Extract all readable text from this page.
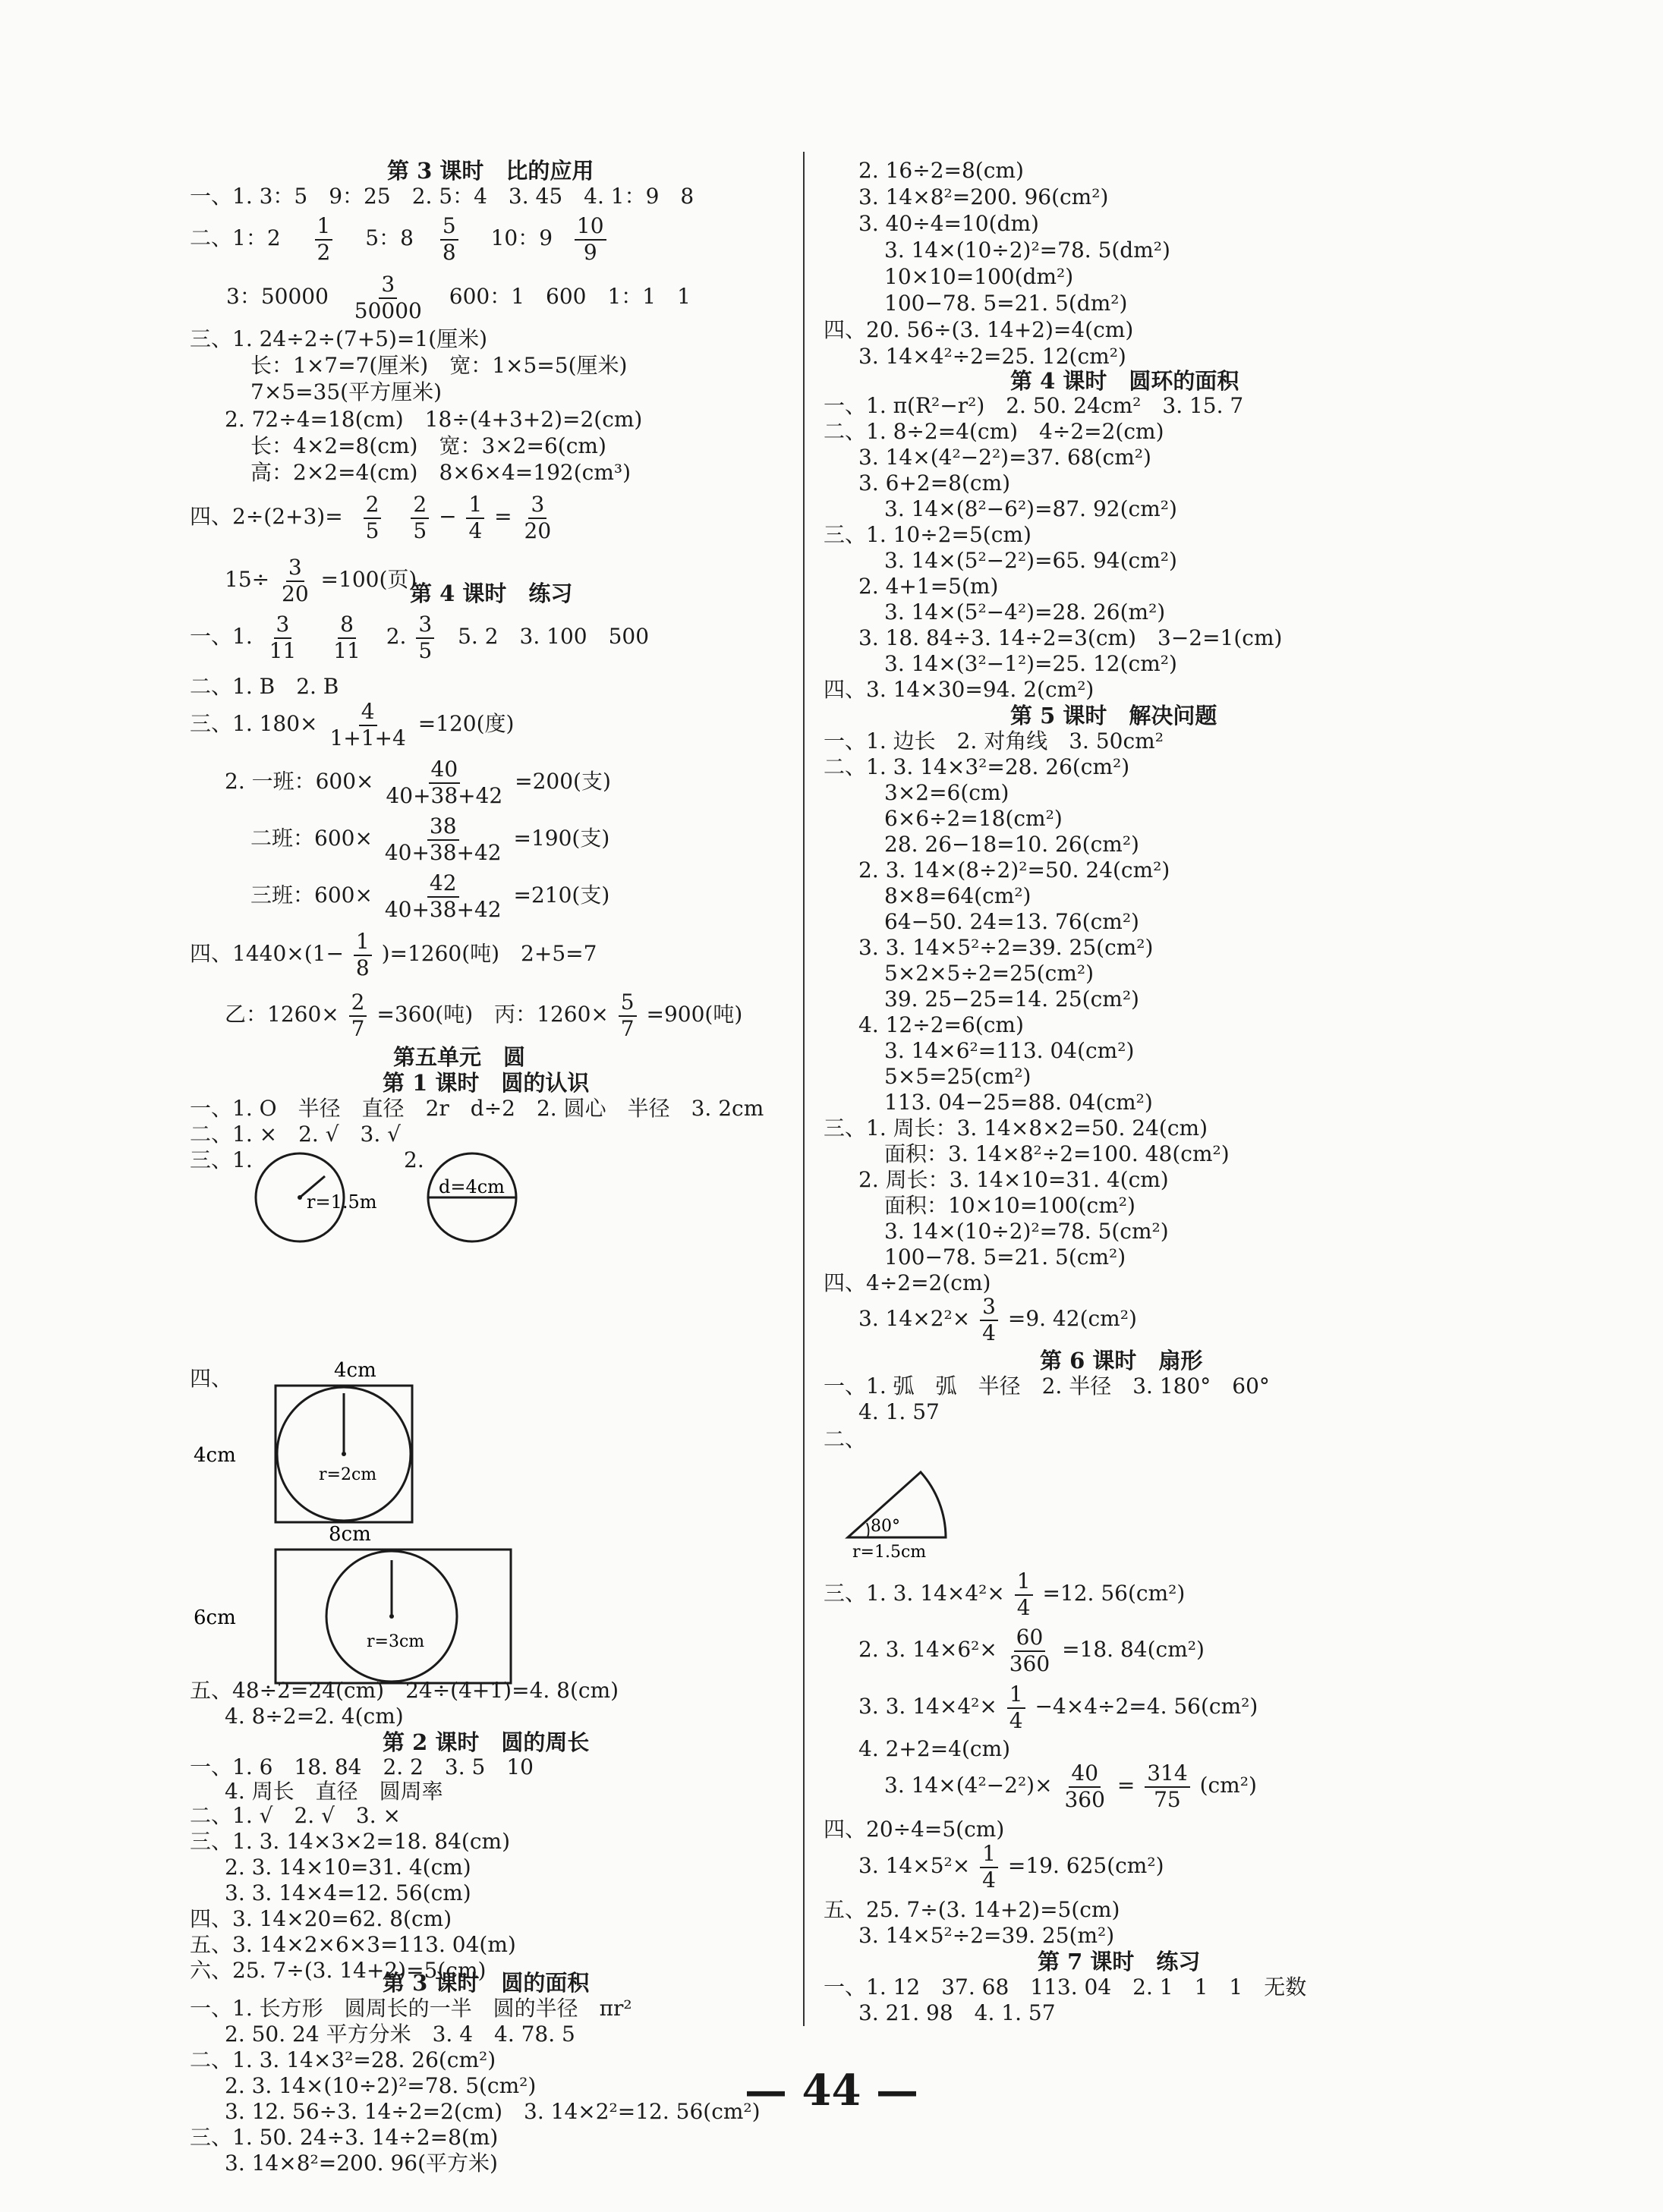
第 3 课时　比的应用
一、1. 3：5　9：25　2. 5：4　3. 45　4. 1：9　8
二、1：$2 \frac{1}{2} 5$：$8 \frac{5}{8} 10$：$9 \frac{10}{9}$
3：$50000 \frac{3}{50000} 600$：1　600　1：1　1
三、1. 24÷2÷(7+5)=1(厘米)
长：1×7=7(厘米)　宽：1×5=5(厘米)
7×5=35(平方厘米)
2. 72÷4=18(cm)　18÷(4+3+2)=2(cm)
长：4×2=8(cm)　宽：3×2=6(cm)
高：2×2=4(cm)　8×6×4=192(cm³)
四、$2\div(2+3)= \frac{2}{5}$
$\frac{2}{5} - \frac{1}{4} = \frac{3}{20}$
$15\div \frac{3}{20} =100$(页)
第 4 课时　练习
一、1. $\frac{3}{11}$
$\frac{8}{11} 2$. $\frac{3}{5} 5$. 2　3. 100　500
二、1. B　2. B
三、1. $180\times \frac{4}{1+1+4} =120$(度)
2. 一班：$600\times \frac{40}{40+38+42} =200$(支)
二班：$600\times \frac{38}{40+38+42} =190$(支)
三班：$600\times \frac{42}{40+38+42} =210$(支)
四、$1440\times(1- \frac{1}{8} )=1260$(吨)　2+5=7
乙：$1260\times \frac{2}{7} =360$(吨)　丙：$1260\times \frac{5}{7} =900$(吨)
第五单元　圆
第 1 课时　圆的认识
一、1. O　半径　直径　2r　d÷2　2. 圆心　半径　3. 2cm
二、1. ×　2. √　3. √
三、1.	2.
r=1.5m
d=4cm
四、	4cm
4cm
r=2cm
8cm
6cm
r=3cm
五、48÷2=24(cm)　24÷(4+1)=4. 8(cm)
4. 8÷2=2. 4(cm)
第 2 课时　圆的周长
一、1. 6　18. 84　2. 2　3. 5　10
4. 周长　直径　圆周率
二、1. √　2. √　3. ×
三、1. 3. 14×3×2=18. 84(cm)
2. 3. 14×10=31. 4(cm)
3. 3. 14×4=12. 56(cm)
四、3. 14×20=62. 8(cm)
五、3. 14×2×6×3=113. 04(m)
六、25. 7÷(3. 14+2)=5(cm)
第 3 课时　圆的面积
一、1. 长方形　圆周长的一半　圆的半径　πr²
2. 50. 24 平方分米　3. 4　4. 78. 5
二、1. 3. 14×3²=28. 26(cm²)
2. 3. 14×(10÷2)²=78. 5(cm²)
3. 12. 56÷3. 14÷2=2(cm)　3. 14×2²=12. 56(cm²)
三、1. 50. 24÷3. 14÷2=8(m)
3. 14×8²=200. 96(平方米)
2. 16÷2=8(cm)
3. 14×8²=200. 96(cm²)
3. 40÷4=10(dm)
3. 14×(10÷2)²=78. 5(dm²)
10×10=100(dm²)
100−78. 5=21. 5(dm²)
四、20. 56÷(3. 14+2)=4(cm)
3. 14×4²÷2=25. 12(cm²)
第 4 课时　圆环的面积
一、1. π(R²−r²)　2. 50. 24cm²　3. 15. 7
二、1. 8÷2=4(cm)　4÷2=2(cm)
3. 14×(4²−2²)=37. 68(cm²)
3. 6+2=8(cm)
3. 14×(8²−6²)=87. 92(cm²)
三、1. 10÷2=5(cm)
3. 14×(5²−2²)=65. 94(cm²)
2. 4+1=5(m)
3. 14×(5²−4²)=28. 26(m²)
3. 18. 84÷3. 14÷2=3(cm)　3−2=1(cm)
3. 14×(3²−1²)=25. 12(cm²)
四、3. 14×30=94. 2(cm²)
第 5 课时　解决问题
一、1. 边长　2. 对角线　3. 50cm²
二、1. 3. 14×3²=28. 26(cm²)
3×2=6(cm)
6×6÷2=18(cm²)
28. 26−18=10. 26(cm²)
2. 3. 14×(8÷2)²=50. 24(cm²)
8×8=64(cm²)
64−50. 24=13. 76(cm²)
3. 3. 14×5²÷2=39. 25(cm²)
5×2×5÷2=25(cm²)
39. 25−25=14. 25(cm²)
4. 12÷2=6(cm)
3. 14×6²=113. 04(cm²)
5×5=25(cm²)
113. 04−25=88. 04(cm²)
三、1. 周长：3. 14×8×2=50. 24(cm)
面积：3. 14×8²÷2=100. 48(cm²)
2. 周长：3. 14×10=31. 4(cm)
面积：10×10=100(cm²)
3. 14×(10÷2)²=78. 5(cm²)
100−78. 5=21. 5(cm²)
四、4÷2=2(cm)
3. $14\times 2^2\times \frac{3}{4} =9$. 42(cm²)
第 6 课时　扇形
一、1. 弧　弧　半径　2. 半径　3. 180°　60°
4. 1. 57
二、
80°
r=1.5cm
三、1. 3. $14\times 4^2\times \frac{1}{4} =12$. 56(cm²)
2. 3. $14\times 6^2\times \frac{60}{360} =18$. 84(cm²)
3. 3. $14\times 4^2\times \frac{1}{4} -4\times 4\div 2=4$. 56(cm²)
4. 2+2=4(cm)
3. $14\times(4^2-2^2)\times \frac{40}{360} = \frac{314}{75} (cm^2)$
四、20÷4=5(cm)
3. $14\times 5^2\times \frac{1}{4} =19$. 625(cm²)
五、25. 7÷(3. 14+2)=5(cm)
3. 14×5²÷2=39. 25(m²)
第 7 课时　练习
一、1. 12　37. 68　113. 04　2. 1　1　1　无数
3. 21. 98　4. 1. 57
— 44 —
